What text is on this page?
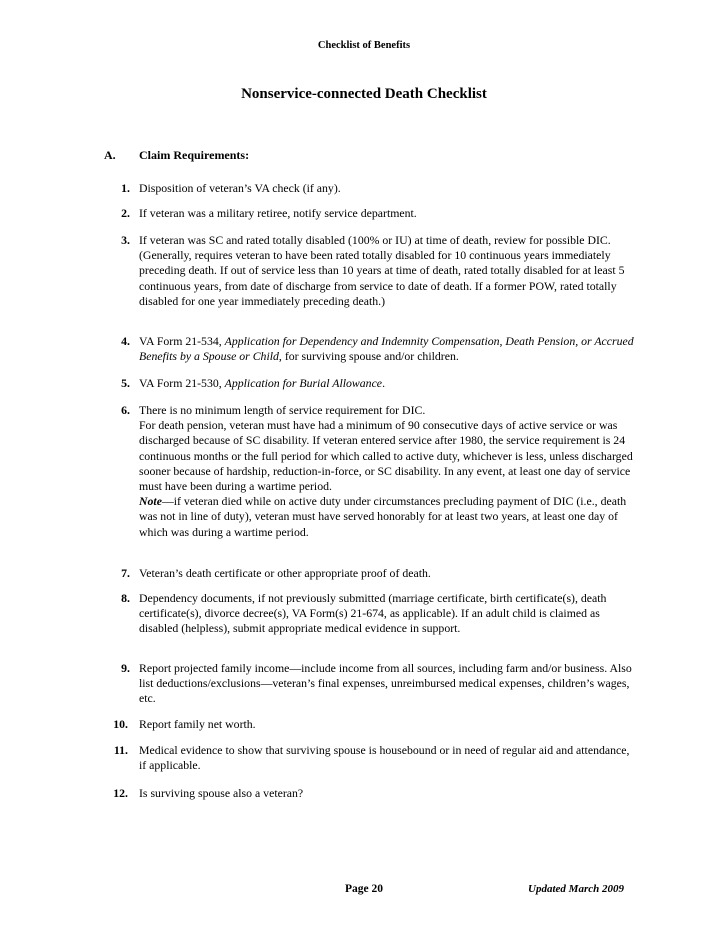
Checklist of Benefits
Nonservice-connected Death Checklist
A. Claim Requirements:
1. Disposition of veteran’s VA check (if any).

2. If veteran was a military retiree, notify service department.

3. If veteran was SC and rated totally disabled (100% or IU) at time of death, review for possible DIC. (Generally, requires veteran to have been rated totally disabled for 10 continuous years immediately preceding death. If out of service less than 10 years at time of death, rated totally disabled for at least 5 continuous years, from date of discharge from service to date of death. If a former POW, rated totally disabled for one year immediately preceding death.)

4. VA Form 21-534, Application for Dependency and Indemnity Compensation, Death Pension, or Accrued Benefits by a Spouse or Child, for surviving spouse and/or children.

5. VA Form 21-530, Application for Burial Allowance.

6. There is no minimum length of service requirement for DIC.

For death pension, veteran must have had a minimum of 90 consecutive days of active service or was discharged because of SC disability. If veteran entered service after 1980, the service requirement is 24 continuous months or the full period for which called to active duty, whichever is less, unless discharged sooner because of hardship, reduction-in-force, or SC disability. In any event, at least one day of service must have been during a wartime period.

Note—if veteran died while on active duty under circumstances precluding payment of DIC (i.e., death was not in line of duty), veteran must have served honorably for at least two years, at least one day of which was during a wartime period.

7. Veteran’s death certificate or other appropriate proof of death.

8. Dependency documents, if not previously submitted (marriage certificate, birth certificate(s), death certificate(s), divorce decree(s), VA Form(s) 21-674, as applicable). If an adult child is claimed as disabled (helpless), submit appropriate medical evidence in support.

9. Report projected family income—include income from all sources, including farm and/or business. Also list deductions/exclusions—veteran’s final expenses, unreimbursed medical expenses, children’s wages, etc.

10. Report family net worth.

11. Medical evidence to show that surviving spouse is housebound or in need of regular aid and attendance, if applicable.

12. Is surviving spouse also a veteran?

Page 20	Updated March 2009
